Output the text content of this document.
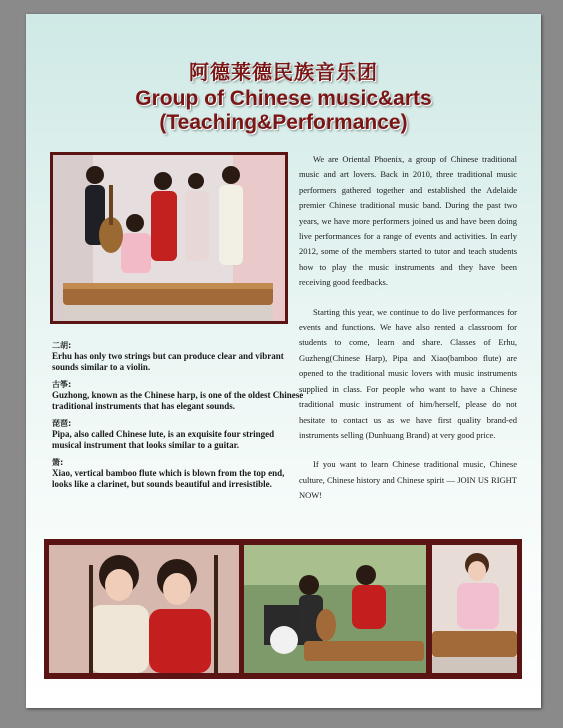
阿德莱德民族音乐团
Group of Chinese music&arts
(Teaching&Performance)
二胡:
Erhu has only two strings but can produce clear and vibrant sounds similar to a violin.
古筝:
Guzhong, known as the Chinese harp, is one of the oldest Chinese traditional instruments that has elegant sounds.
琵琶:
Pipa, also called Chinese lute, is an exquisite four stringed musical instrument that looks similar to a guitar.
箫:
Xiao, vertical bamboo flute which is blown from the top end, looks like a clarinet, but sounds beautiful and irresistible.

We are Oriental Phoenix, a group of Chinese traditional music and art lovers. Back in 2010, three traditional music performers gathered together and established the Adelaide premier Chinese traditional music band. During the past two years, we have more performers joined us and have been doing live performances for a range of events and activities. In early 2012, some of the members started to tutor and teach students how to play the music instruments and they have been receiving good feedbacks.

Starting this year, we continue to do live performances for events and functions. We have also rented a classroom for students to come, learn and share. Classes of Erhu, Guzheng(Chinese Harp), Pipa and Xiao(bamboo flute) are opened to the traditional music lovers with music instruments supplied in class. For people who want to have a Chinese traditional music instrument of him/herself, please do not hesitate to contact us as we have first quality brand-ed instruments selling (Dunhuang Brand) at very good price.

If you want to learn Chinese traditional music, Chinese culture, Chinese history and Chinese spirit — JOIN US RIGHT NOW!
